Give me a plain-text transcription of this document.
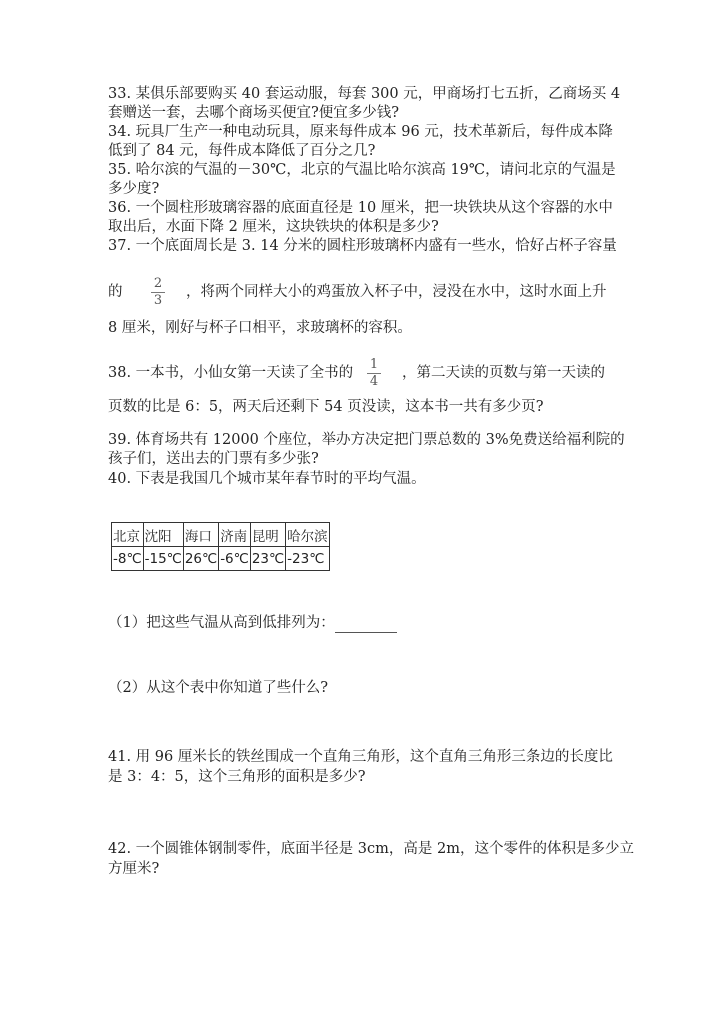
33. 某俱乐部要购买 40 套运动服，每套 300 元，甲商场打七五折，乙商场买 4
套赠送一套，去哪个商场买便宜?便宜多少钱?
34. 玩具厂生产一种电动玩具，原来每件成本 96 元，技术革新后，每件成本降
低到了 84 元，每件成本降低了百分之几?
35. 哈尔滨的气温的－30℃，北京的气温比哈尔滨高 19℃，请问北京的气温是
多少度?
36. 一个圆柱形玻璃容器的底面直径是 10 厘米，把一块铁块从这个容器的水中
取出后，水面下降 2 厘米，这块铁块的体积是多少?
37. 一个底面周长是 3. 14 分米的圆柱形玻璃杯内盛有一些水，恰好占杯子容量
的
2
3
，将两个同样大小的鸡蛋放入杯子中，浸没在水中，这时水面上升
8 厘米，刚好与杯子口相平，求玻璃杯的容积。
38. 一本书，小仙女第一天读了全书的
1
4
，第二天读的页数与第一天读的
页数的比是 6：5，两天后还剩下 54 页没读，这本书一共有多少页?
39. 体育场共有 12000 个座位，举办方决定把门票总数的 3%免费送给福利院的
孩子们，送出去的门票有多少张?
40. 下表是我国几个城市某年春节时的平均气温。
北京	沈阳	海口	济南	昆明	哈尔滨
-8℃	-15℃	26℃	-6℃	23℃	-23℃
（1）把这些气温从高到低排列为：
（2）从这个表中你知道了些什么?
41. 用 96 厘米长的铁丝围成一个直角三角形，这个直角三角形三条边的长度比
是 3：4：5，这个三角形的面积是多少?
42. 一个圆锥体钢制零件，底面半径是 3cm，高是 2m，这个零件的体积是多少立
方厘米?
